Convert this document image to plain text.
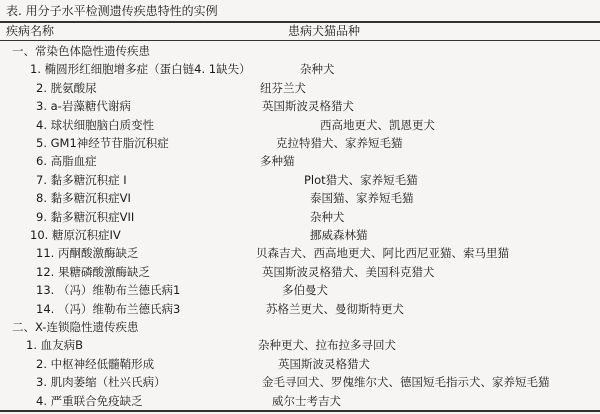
表. 用分子水平检测遗传疾患特性的实例
疾病名称	患病犬猫品种
一、常染色体隐性遗传疾患
1. 椭圆形红细胞增多症（蛋白链4. 1缺失）	杂种犬
2. 胱氨酸尿	纽芬兰犬
3. a-岩藻糖代谢病	英国斯波灵格猎犬
4. 球状细胞脑白质变性	西高地更犬、凯恩更犬
5. GM1神经节苷脂沉积症	克拉特猎犬、家养短毛猫
6. 高脂血症	多种猫
7. 黏多糖沉积症 I	Plot猎犬、家养短毛猫
8. 黏多糖沉积症VI	泰国猫、家养短毛猫
9. 黏多糖沉积症VII	杂种犬
10. 糖原沉积症IV	挪威森林猫
11. 丙酮酸激酶缺乏	贝森吉犬、西高地更犬、阿比西尼亚猫、索马里猫
12. 果糖磷酸激酶缺乏	英国斯波灵格猎犬、美国科克猎犬
13. （冯）维勒布兰德氏病1	多伯曼犬
14. （冯）维勒布兰德氏病3	苏格兰更犬、曼彻斯特更犬
二、X-连锁隐性遗传疾患
1. 血友病B	杂种更犬、拉布拉多寻回犬
2. 中枢神经低髓鞘形成	英国斯波灵格猎犬
3. 肌肉萎缩（杜兴氏病）	金毛寻回犬、罗傀维尔犬、德国短毛指示犬、家养短毛猫
4. 严重联合免疫缺乏	威尔士考吉犬
